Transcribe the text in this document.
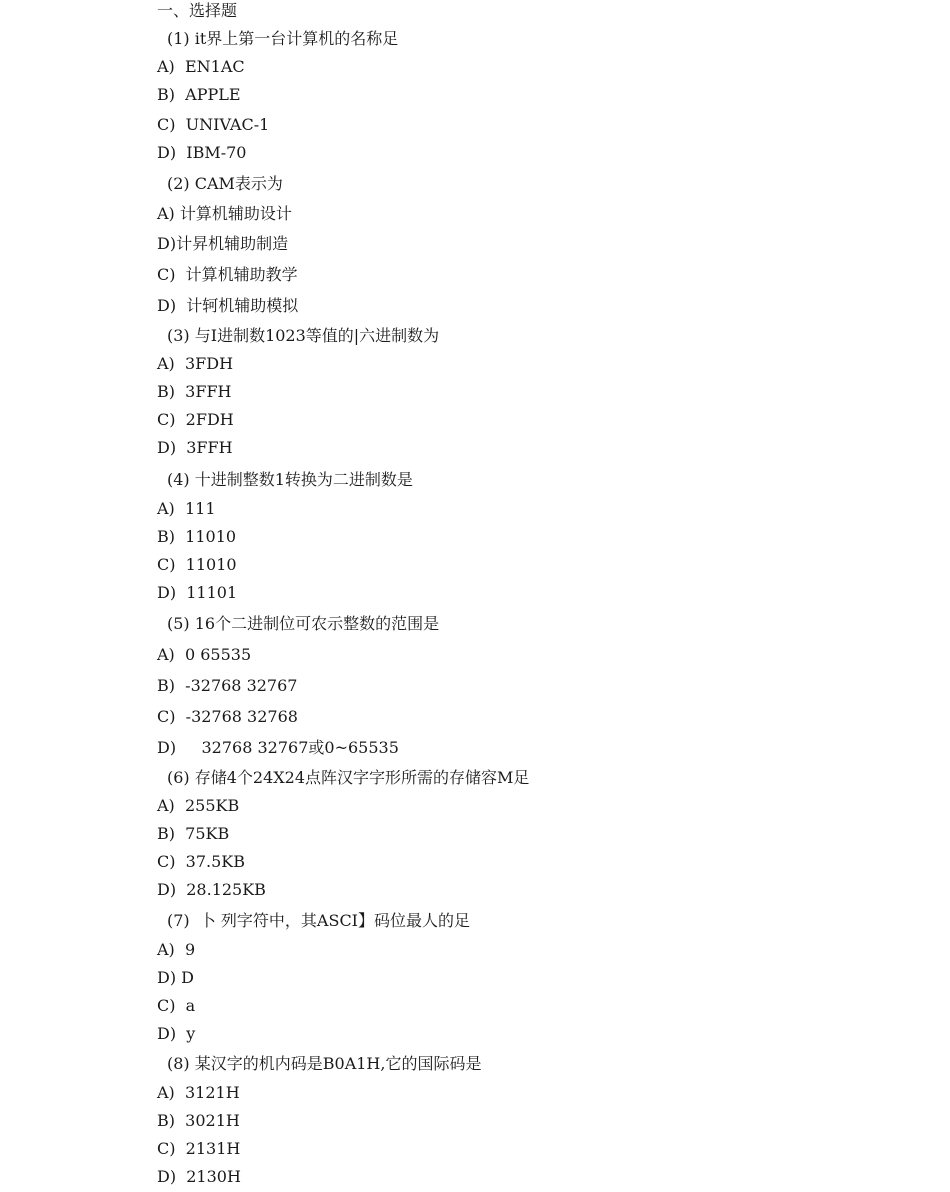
一、选择题
(1) it界上第一台计算机的名称足
A)  EN1AC
B)  APPLE
C)  UNIVAC-1
D)  IBM-70
(2) CAM表示为
A) 计算机辅助设计
D)计昇机辅助制造
C)  计算机辅助教学
D)  计轲机辅助模拟
(3) 与I进制数1023等值的|六进制数为
A)  3FDH
B)  3FFH
C)  2FDH
D)  3FFH
(4) 十进制整数1转换为二进制数是
A)  111
B)  11010
C)  11010
D)  11101
(5) 16个二进制位可农示整数的范围是
A)  0 65535
B)  -32768 32767
C)  -32768 32768
D)     32768 32767或0~65535
(6) 存储4个24X24点阵汉字字形所需的存储容M足
A)  255KB
B)  75KB
C)  37.5KB
D)  28.125KB
(7)  卜 列字符中，其ASCI】码位最人的足
A)  9
D) D
C)  a
D)  y
(8) 某汉字的机内码是B0A1H,它的国际码是
A)  3121H
B)  3021H
C)  2131H
D)  2130H
